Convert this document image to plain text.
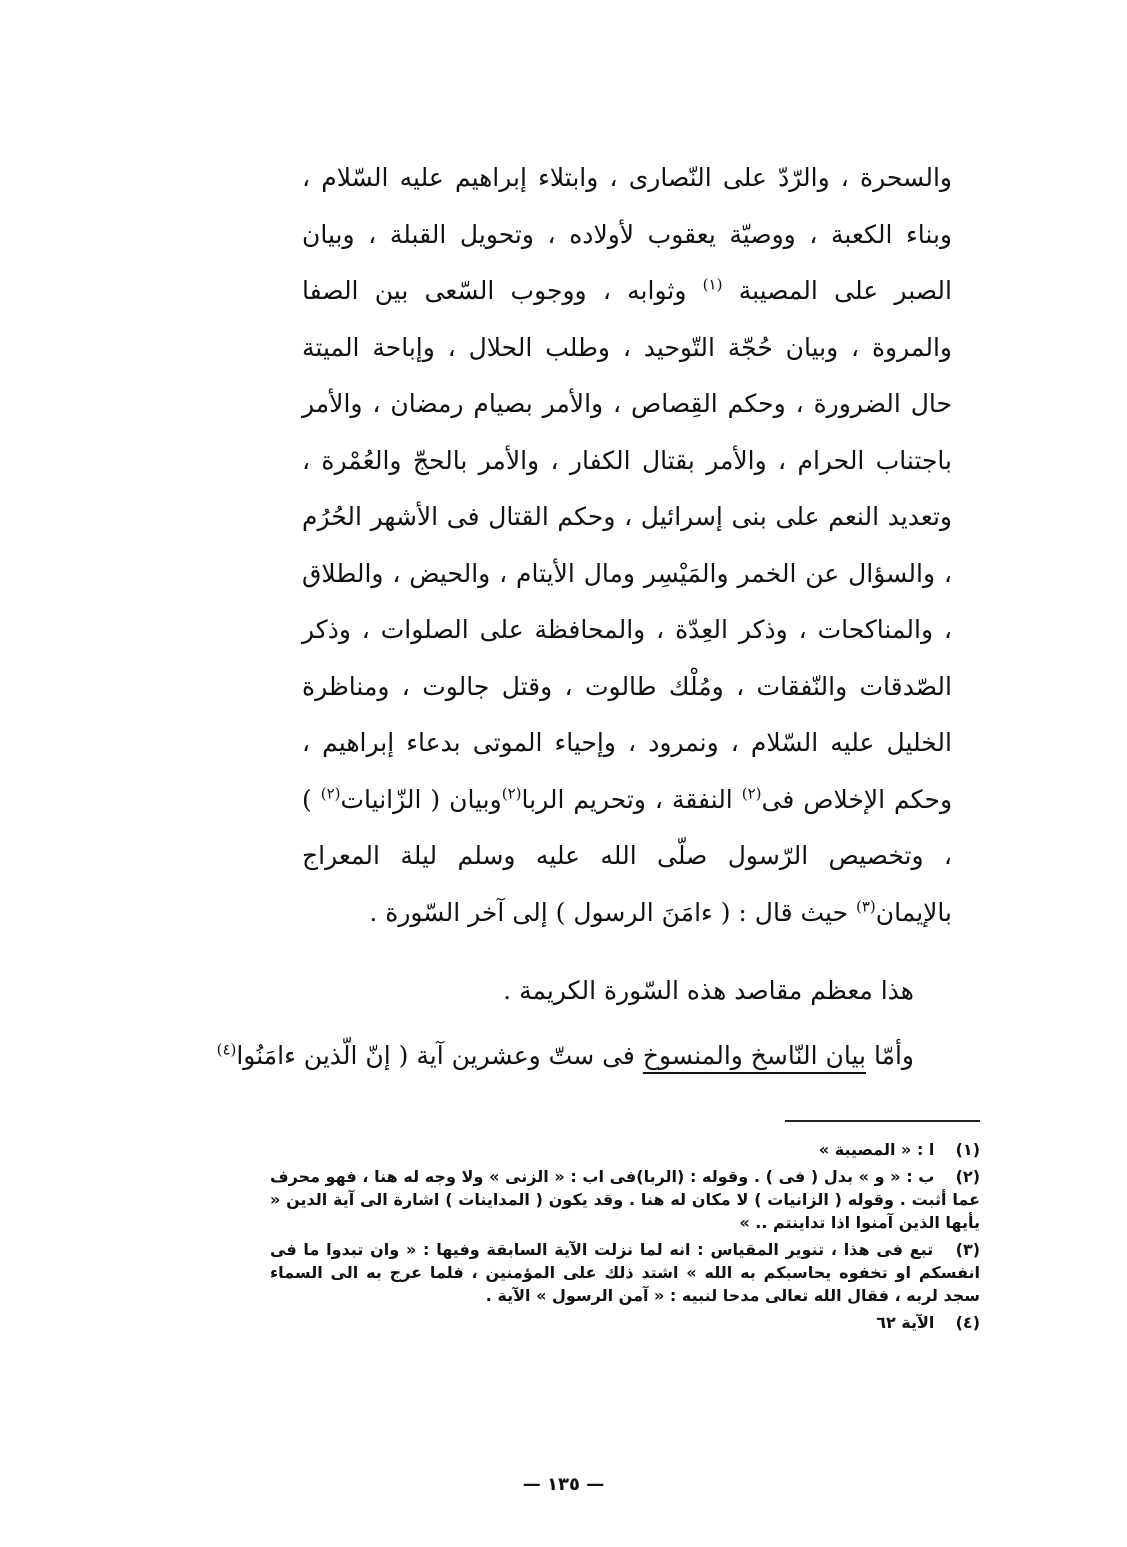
والسحرة ، والرّدّ على النّصارى ، وابتلاء إبراهيم عليه السّلام ، وبناء الكعبة ، ووصيّة يعقوب لأولاده ، وتحويل القبلة ، وبيان الصبر على المصيبة $^{(١)}$ وثوابه ، ووجوب السّعى بين الصفا والمروة ، وبيان حُجّة التّوحيد ، وطلب الحلال ، وإباحة الميتة حال الضرورة ، وحكم القِصاص ، والأمر بصيام رمضان ، والأمر باجتناب الحرام ، والأمر بقتال الكفار ، والأمر بالحجّ والعُمْرة ، وتعديد النعم على بنى إسرائيل ، وحكم القتال فى الأشهر الحُرُم ، والسؤال عن الخمر والمَيْسِر ومال الأيتام ، والحيض ، والطلاق ، والمناكحات ، وذكر العِدّة ، والمحافظة على الصلوات ، وذكر الصّدقات والنّفقات ، ومُلْك طالوت ، وقتل جالوت ، ومناظرة الخليل عليه السّلام ، ونمرود ، وإحياء الموتى بدعاء إبراهيم ، وحكم الإخلاص فى$^{(٢)}$ النفقة ، وتحريم الربا$^{(٢)}$وبيان ( الزّانيات$^{(٢)}$ ) ، وتخصيص الرّسول صلّى الله عليه وسلم ليلة المعراج بالإيمان$^{(٣)}$ حيث قال : ( ءامَنَ الرسول ) إلى آخر السّورة .

هذا معظم مقاصد هذه السّورة الكريمة .
وأمّا بيان النّاسخ والمنسوخ فى ستّ وعشرين آية ( إنّ الّذين ءامَنُوا$^{(٤)}$
(١) ا : « المصيبة »
(٢) ب : « و » بدل ( فى ) . وقوله : (الربا)فى اب : « الزنى » ولا وجه له هنا ، فهو محرف عما أثبت . وقوله ( الزانيات ) لا مكان له هنا . وقد يكون ( المداينات ) اشارة الى آية الدين « يأيها الذين آمنوا اذا تداينتم .. »
(٣) تبع فى هذا ، تنوير المقياس : انه لما نزلت الآية السابقة وفيها : « وان تبدوا ما فى انفسكم او تخفوه يحاسبكم به الله » اشتد ذلك على المؤمنين ، فلما عرج به الى السماء سجد لربه ، فقال الله تعالى مدحا لنبيه : « آمن الرسول » الآية .
(٤) الآية ٦٢
— ١٣٥ —
